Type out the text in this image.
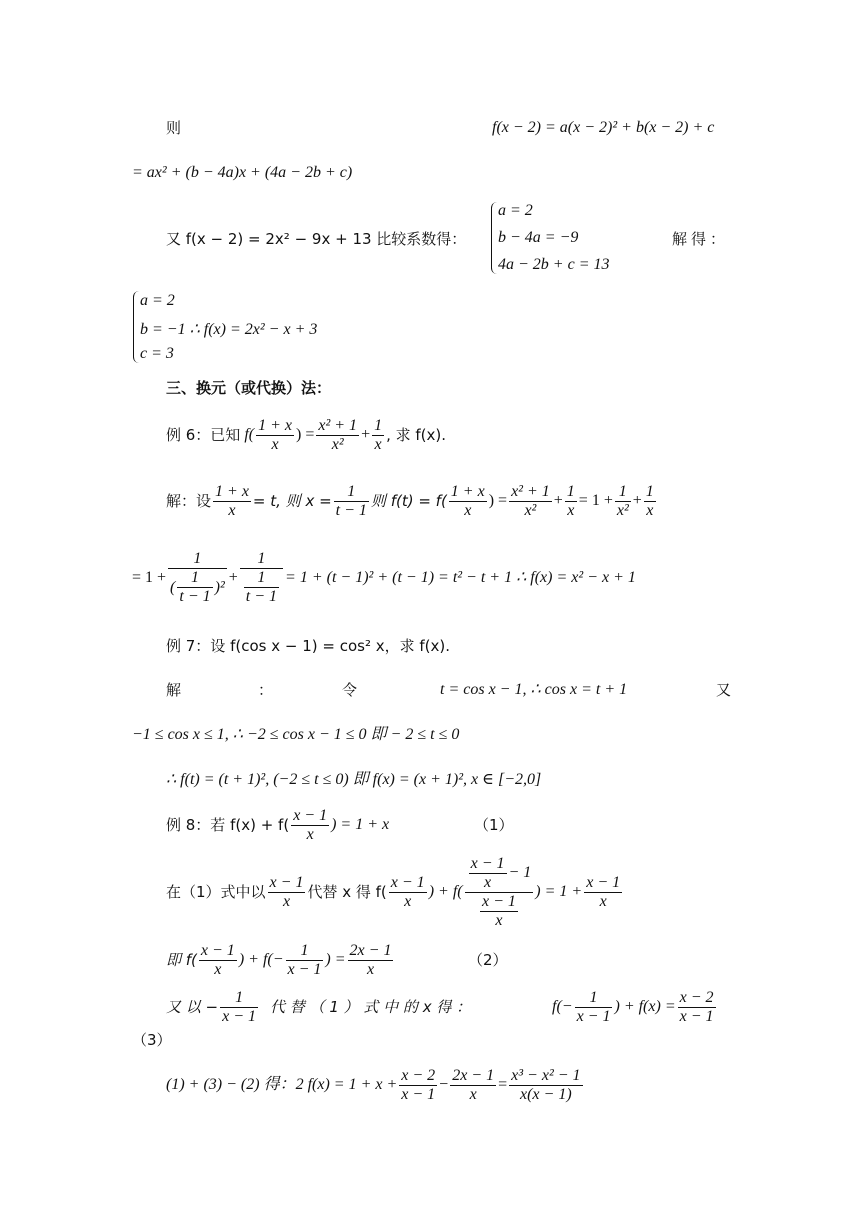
则	f(x − 2) = a(x − 2)² + b(x − 2) + c
= ax² + (b − 4a)x + (4a − 2b + c)
又 f(x − 2) = 2x² − 9x + 13 比较系数得：
a = 2
b − 4a = −9
4a − 2b + c = 13
解得：
a = 2
b = −1 ∴ f(x) = 2x² − x + 3
c = 3
三、换元（或代换）法：
例 6：已知 $f( \frac{1 + x}{x}$ ) = $\frac{\text{x² + 1}}{\text{x²}} + \frac{1}{x}$ , 求 f(x).
解：设 $\frac{1 + x}{x} = t$, 则 $x = \frac{1}{t - 1}$ 则 $f(t) = f( \frac{1 + x}{x}$ ) = $\frac{\text{x² + 1}}{\text{x²}} + \frac{1}{x} = 1 + \frac{1}{\text{x²}} + \frac{1}{x}$
= $1 + \frac{1}{( \frac{1}{t - 1} )^2} + \frac{1}{\frac{1}{t - 1}} = 1 + (t - 1)^2 + (t - 1) = t^2 - t + 1$ ∴ f(x) = x² − x + 1
例 7：设 f(cos x − 1) = cos² x，求 f(x).
解	：	令	t = cos x − 1, ∴ cos x = t + 1	又
−1 ≤ cos x ≤ 1, ∴ −2 ≤ cos x − 1 ≤ 0 即 − 2 ≤ t ≤ 0
∴ f(t) = (t + 1)², (−2 ≤ t ≤ 0) 即 f(x) = (x + 1)², x ∈ [−2,0]
例 8：若 $f(x) + f( \frac{x - 1}{x}$ ) = 1 + x	（1）
在（1）式中以 $\frac{x - 1}{x}$ 代替 x 得 $f( \frac{x - 1}{x}$ ) + $f( \frac{\frac{x - 1}{x} - 1}{\frac{x - 1}{x}}$ ) = $1 + \frac{x - 1}{x}$
即 $f( \frac{x - 1}{x}$ ) + $f(- \frac{1}{x - 1}$ ) = $\frac{2x - 1}{x}$	（2）
又 以 − $\frac{1}{x - 1}$ 代 替 （ 1 ） 式 中 的 x 得 ：	$f(- \frac{1}{x - 1}$ ) + $f(x) = \frac{x - 2}{x - 1}$
（3）
(1) + (3) − (2) 得：2 $f(x) = 1 + x + \frac{x - 2}{x - 1} - \frac{2x - 1}{x} = \frac{\text{x³ − x² − 1}}{x(x - 1)}$
